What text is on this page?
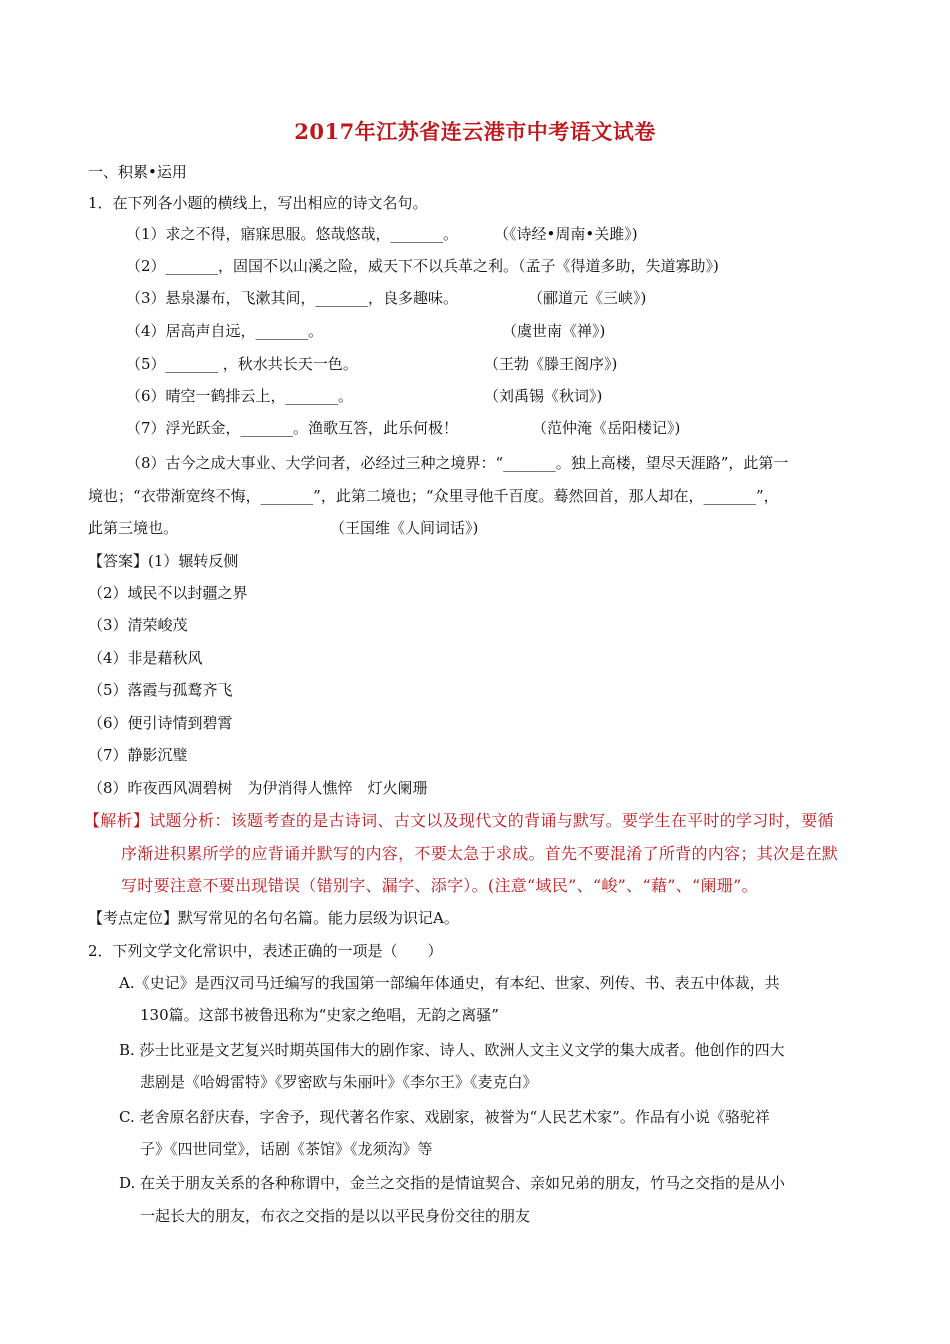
2017年江苏省连云港市中考语文试卷
一、积累•运用
1．在下列各小题的横线上，写出相应的诗文名句。
（1）求之不得，寤寐思服。悠哉悠哉，_______。 （《诗经•周南•关雎》)
（2）_______，固国不以山溪之险，威天下不以兵革之利。（孟子《得道多助，失道寡助》)
（3）悬泉瀑布，飞漱其间，_______，良多趣味。	（郦道元《三峡》)
（4）居高声自远，_______。	（虞世南《禅》)
（5）_______ ，秋水共长天一色。	（王勃《滕王阁序》)
（6）晴空一鹤排云上，_______。	（刘禹锡《秋词》)
（7）浮光跃金，_______。渔歌互答，此乐何极！	（范仲淹《岳阳楼记》)
（8）古今之成大事业、大学问者，必经过三种之境界：“_______。独上高楼，望尽天涯路”，此第一
境也；“衣带渐宽终不悔，_______”，此第二境也；“众里寻他千百度。蓦然回首，那人却在，_______”，
此第三境也。	（王国维《人间词话》)
【答案】(1）辗转反侧
（2）域民不以封疆之界
（3）清荣峻茂
（4）非是藉秋风
（5）落霞与孤鹜齐飞
（6）便引诗情到碧霄
（7）静影沉璧
（8）昨夜西风凋碧树　为伊消得人憔悴　灯火阑珊
【解析】试题分析：该题考查的是古诗词、古文以及现代文的背诵与默写。要学生在平时的学习时，要循
序渐进积累所学的应背诵并默写的内容，不要太急于求成。首先不要混淆了所背的内容；其次是在默
写时要注意不要出现错误（错别字、漏字、添字）。(注意“域民”、“峻”、“藉”、“阑珊”。
【考点定位】默写常见的名句名篇。能力层级为识记A。
2．下列文学文化常识中，表述正确的一项是（　　）
A.《史记》是西汉司马迁编写的我国第一部编年体通史，有本纪、世家、列传、书、表五中体裁，共
130篇。这部书被鲁迅称为“史家之绝唱，无韵之离骚”
B. 莎士比亚是文艺复兴时期英国伟大的剧作家、诗人、欧洲人文主义文学的集大成者。他创作的四大
悲剧是《哈姆雷特》《罗密欧与朱丽叶》《李尔王》《麦克白》
C. 老舍原名舒庆春，字舍予，现代著名作家、戏剧家，被誉为“人民艺术家”。作品有小说《骆驼祥
子》《四世同堂》，话剧《茶馆》《龙须沟》等
D. 在关于朋友关系的各种称谓中，金兰之交指的是情谊契合、亲如兄弟的朋友，竹马之交指的是从小
一起长大的朋友，布衣之交指的是以以平民身份交往的朋友
